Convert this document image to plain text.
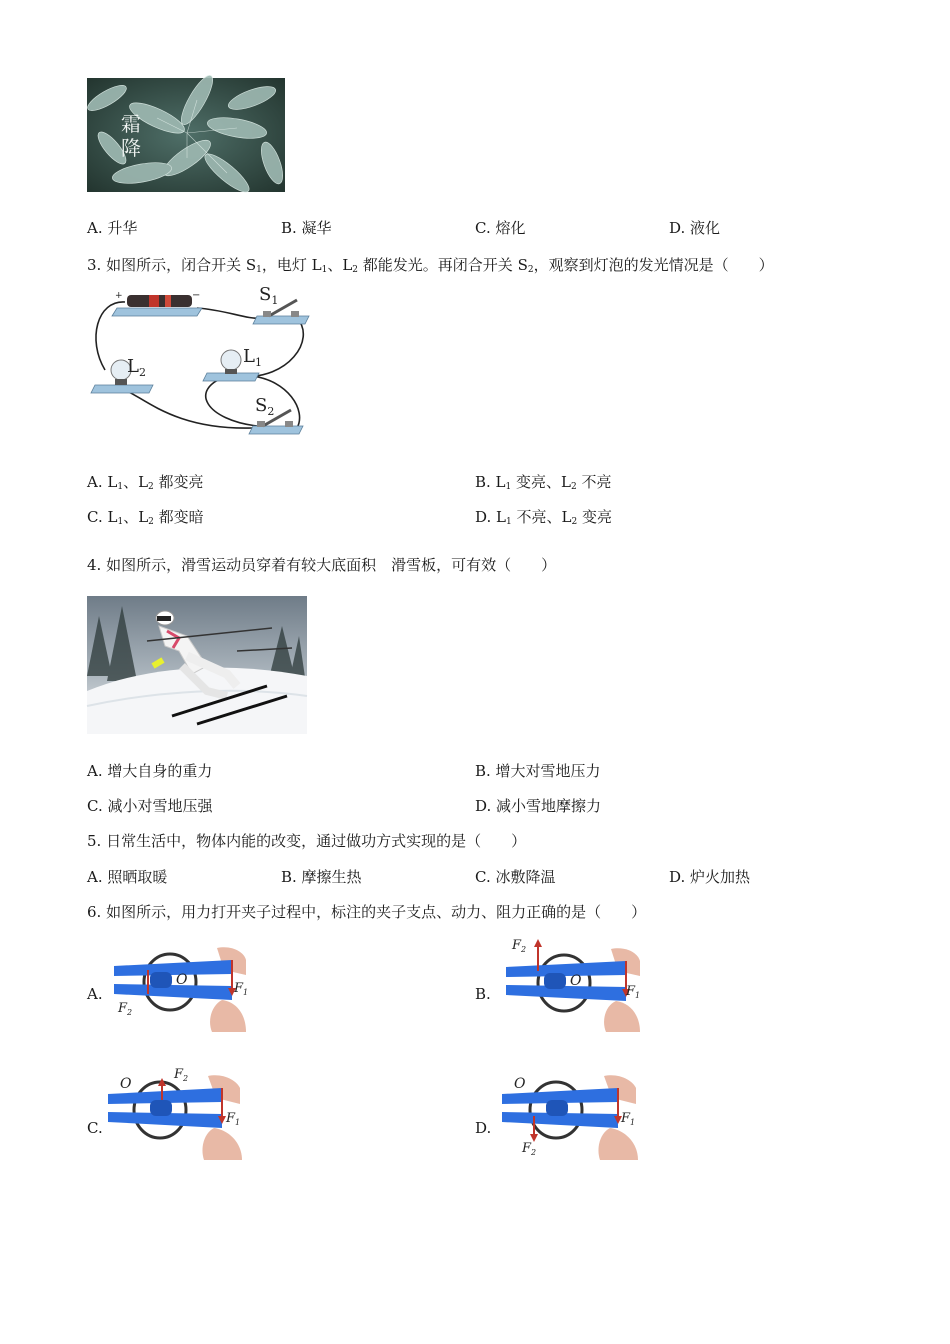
霜降
A. 升华	B. 凝华	C. 熔化	D. 液化
3. 如图所示，闭合开关 $S_1$，电灯 $L_1$、$L_2$ 都能发光。再闭合开关 $S_2$，观察到灯泡的发光情况是（　　）
+	−	$S_1$
$L_2$
$L_1$
$S_2$
A. $L_1$、$L_2$ 都变亮	B. $L_1$ 变亮、$L_2$ 不亮
C. $L_1$、$L_2$ 都变暗	D. $L_1$ 不亮、$L_2$ 变亮
4. 如图所示，滑雪运动员穿着有较大底面积　滑雪板，可有效（　　）
A. 增大自身的重力	B. 增大对雪地压力
C. 减小对雪地压强	D. 减小雪地摩擦力
5. 日常生活中，物体内能的改变，通过做功方式实现的是（　　）
A. 照晒取暖	B. 摩擦生热	C. 冰敷降温	D. 炉火加热
6. 如图所示，用力打开夹子过程中，标注的夹子支点、动力、阻力正确的是（　　）
A.	B.
C.	D.
O
$F_1$
$F_2$
O
$F_1$
$F_2$
O
$F_1$
$F_2$	O
$F_1$
$F_2$
